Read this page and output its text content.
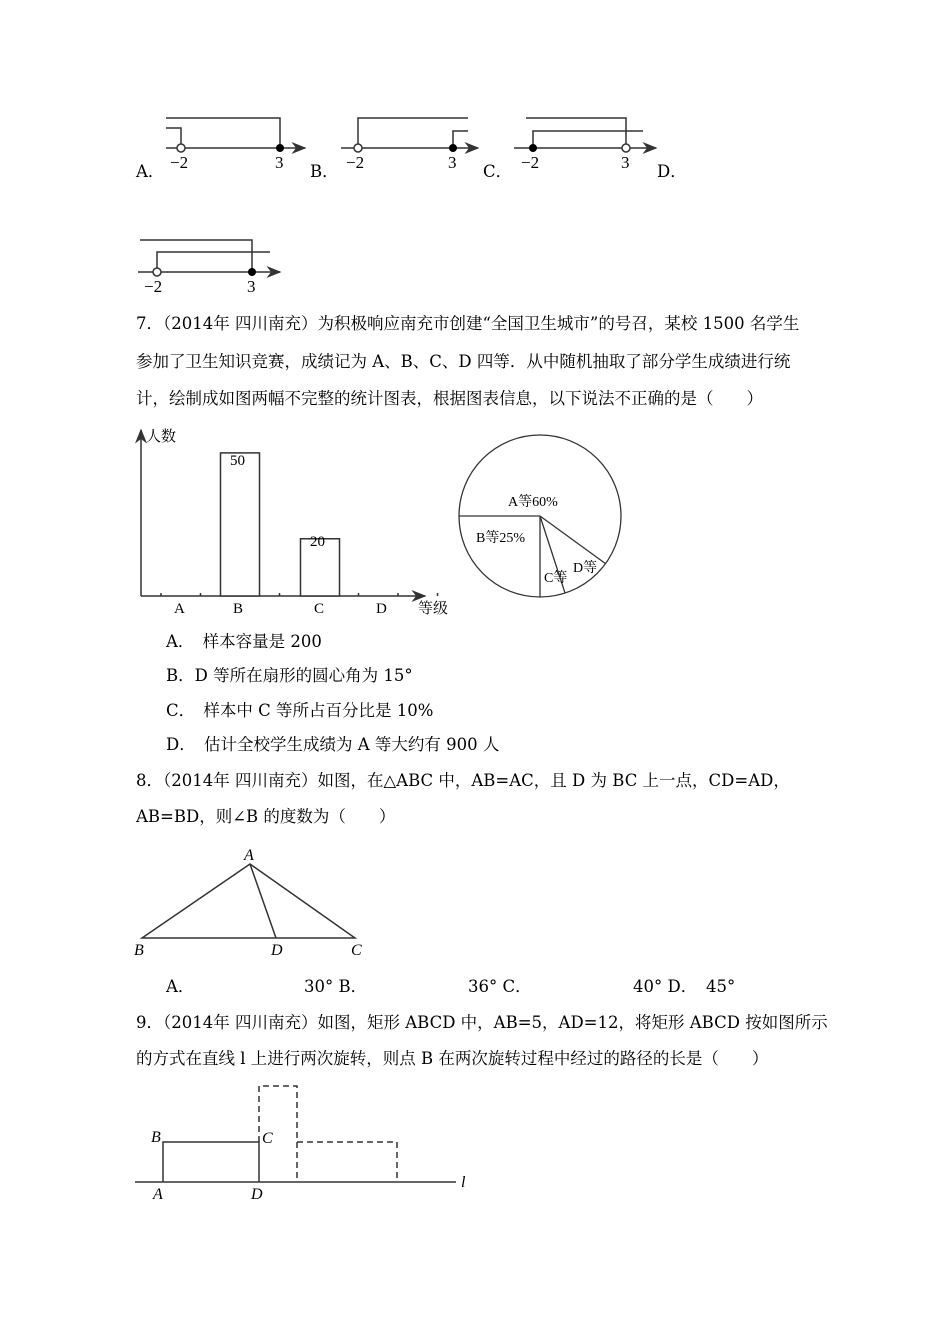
−2	3	−2	3	−2	3
−2	3
A．	B．	C．	D．
7．（2014年 四川南充）为积极响应南充市创建“全国卫生城市”的号召，某校 1500 名学生
参加了卫生知识竞赛，成绩记为 A、B、C、D 四等．从中随机抽取了部分学生成绩进行统
计，绘制成如图两幅不完整的统计图表，根据图表信息，以下说法不正确的是（　　）
人数
等级
A	B	C	D
50
20
A等60%
B等25%
C等
D等
A．　样本容量是 200
B．D 等所在扇形的圆心角为 15°
C．　样本中 C 等所占百分比是 10%
D．　估计全校学生成绩为 A 等大约有 900 人
8．（2014年 四川南充）如图，在△ABC 中，AB=AC，且 D 为 BC 上一点，CD=AD，
AB=BD，则∠B 的度数为（　　）
A
B	D	C
A．	30° B．	36° C．	40° D． 45°
9．（2014年 四川南充）如图，矩形 ABCD 中，AB=5，AD=12，将矩形 ABCD 按如图所示
的方式在直线 l 上进行两次旋转，则点 B 在两次旋转过程中经过的路径的长是（　　）
B	C
A	D
l
